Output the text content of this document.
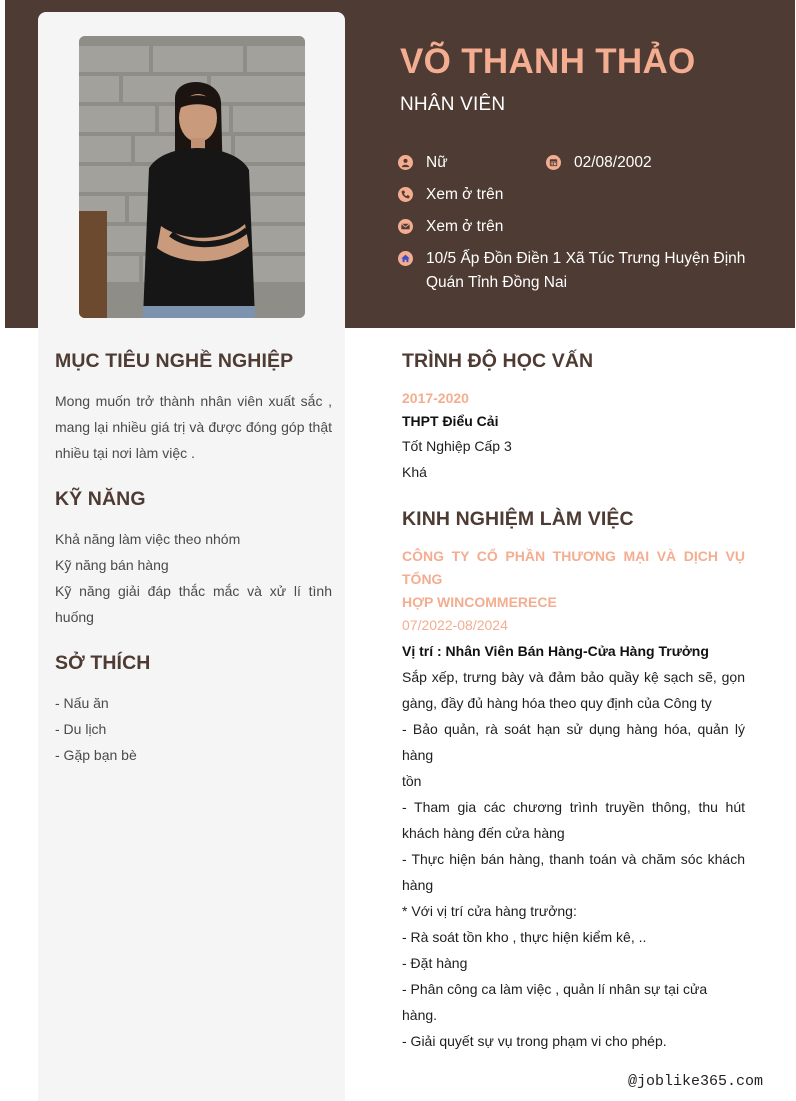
VÕ THANH THẢO
NHÂN VIÊN
Nữ	02/08/2002
Xem ở trên
Xem ở trên
10/5 Ấp Đồn Điền 1 Xã Túc Trưng Huyện Định
Quán Tỉnh Đồng Nai
MỤC TIÊU NGHỀ NGHIỆP
Mong muốn trở thành nhân viên xuất sắc ,
mang lại nhiều giá trị và được đóng góp thật
nhiều tại nơi làm việc .
KỸ NĂNG
Khả năng làm việc theo nhóm
Kỹ năng bán hàng
Kỹ năng giải đáp thắc mắc và xử lí tình
huống
SỞ THÍCH
- Nấu ăn
- Du lịch
- Gặp bạn bè
TRÌNH ĐỘ HỌC VẤN
2017-2020
THPT Điểu Cải
Tốt Nghiệp Cấp 3
Khá
KINH NGHIỆM LÀM VIỆC
CÔNG TY CỔ PHẦN THƯƠNG MẠI VÀ DỊCH VỤ TỔNG
HỢP WINCOMMERECE
07/2022-08/2024
Vị trí : Nhân Viên Bán Hàng-Cửa Hàng Trưởng
Sắp xếp, trưng bày và đảm bảo quầy kệ sạch sẽ, gọn
gàng, đầy đủ hàng hóa theo quy định của Công ty
- Bảo quản, rà soát hạn sử dụng hàng hóa, quản lý hàng
tồn
- Tham gia các chương trình truyền thông, thu hút
khách hàng đến cửa hàng
- Thực hiện bán hàng, thanh toán và chăm sóc khách
hàng
* Với vị trí cửa hàng trưởng:
- Rà soát tồn kho , thực hiện kiểm kê, ..
- Đặt hàng
- Phân công ca làm việc , quản lí nhân sự tại cửa hàng.
- Giải quyết sự vụ trong phạm vi cho phép.
@joblike365.com
